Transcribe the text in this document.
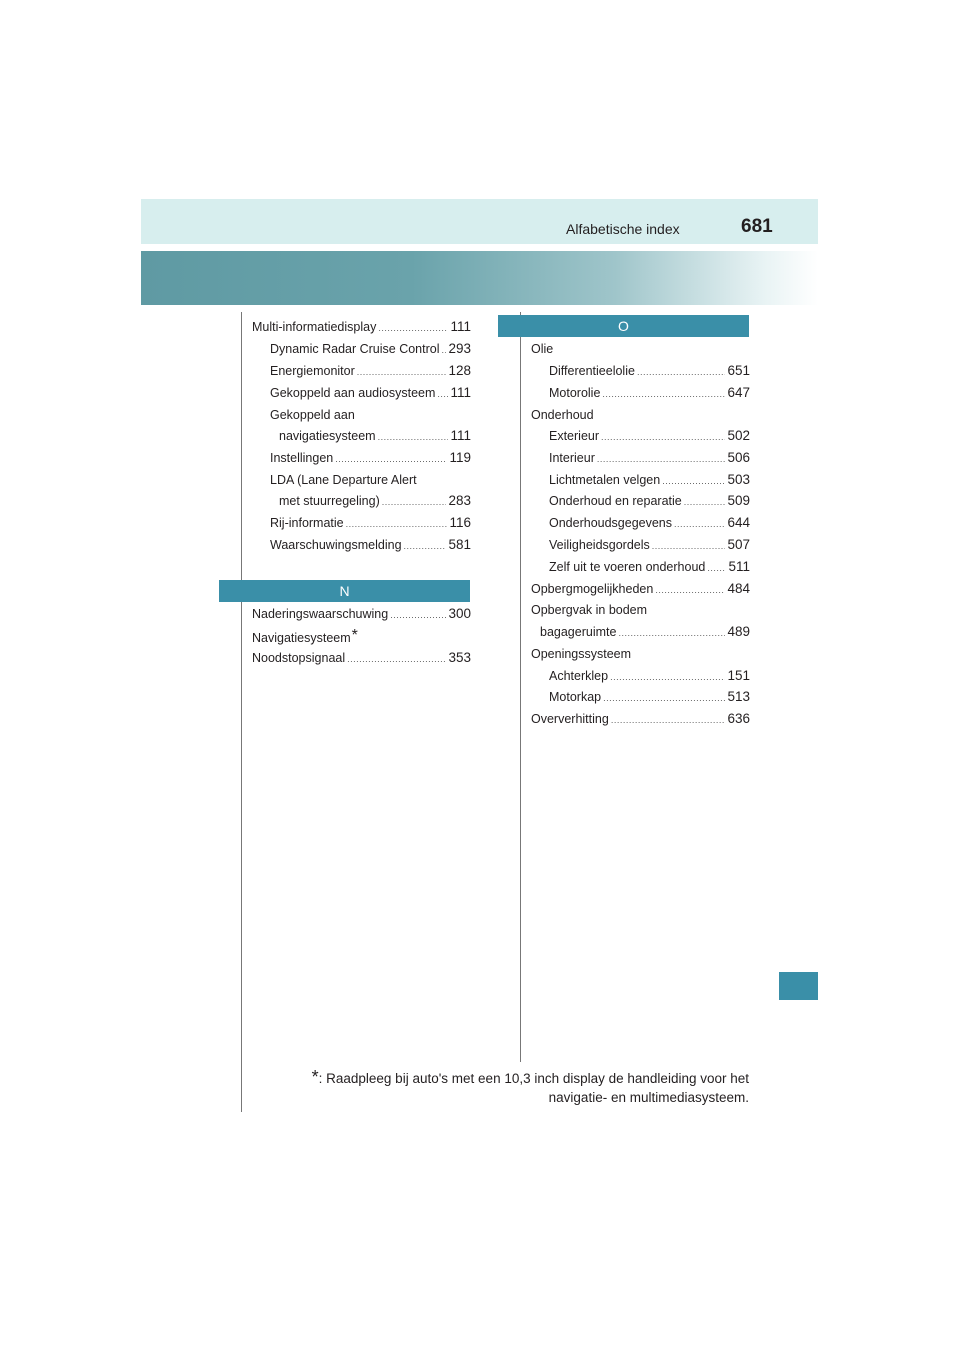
Alfabetische index	681
Multi-informatiedisplay .....	111
Dynamic Radar Cruise Control ..... 293
Energiemonitor .....	128
Gekoppeld aan audiosysteem ..... 111
Gekoppeld aan
navigatiesysteem .....	111
Instellingen .....	119
LDA (Lane Departure Alert
met stuurregeling) .....	283
Rij-informatie .....	116
Waarschuwingsmelding .....	581
N
Naderingswaarschuwing .....	300
Navigatiesysteem*
Noodstopsignaal .....	353
O
Olie
Differentieelolie .....	651
Motorolie .....	647
Onderhoud
Exterieur .....	502
Interieur .....	506
Lichtmetalen velgen .....	503
Onderhoud en reparatie .....	509
Onderhoudsgegevens .....	644
Veiligheidsgordels .....	507
Zelf uit te voeren onderhoud ..... 511
Opbergmogelijkheden .....	484
Opbergvak in bodem
bagageruimte .....	489
Openingssysteem
Achterklep .....	151
Motorkap .....	513
Oververhitting .....	636
*: Raadpleeg bij auto's met een 10,3 inch display de handleiding voor het
navigatie- en multimediasysteem.
